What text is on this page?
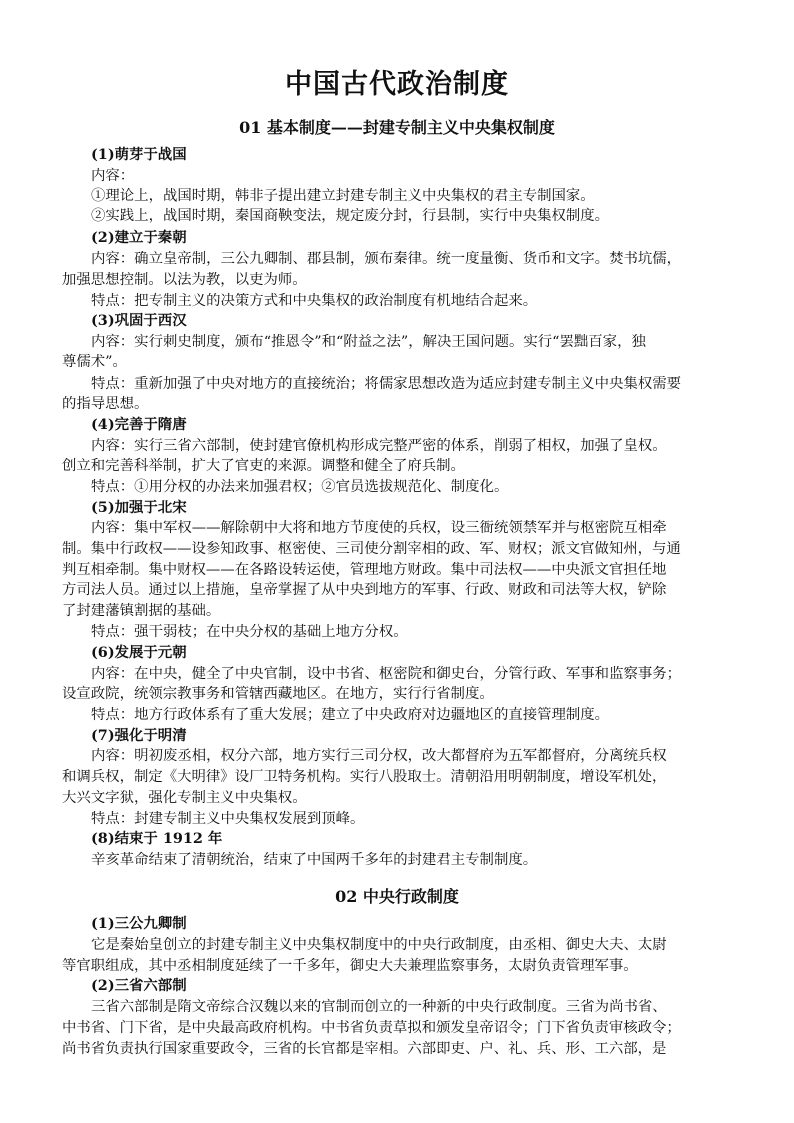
中国古代政治制度
01 基本制度——封建专制主义中央集权制度
(1)萌芽于战国
内容：
①理论上，战国时期，韩非子提出建立封建专制主义中央集权的君主专制国家。
②实践上，战国时期，秦国商鞅变法，规定废分封，行县制，实行中央集权制度。
(2)建立于秦朝
内容：确立皇帝制，三公九卿制、郡县制，颁布秦律。统一度量衡、货币和文字。焚书坑儒，
加强思想控制。以法为教，以吏为师。
特点：把专制主义的决策方式和中央集权的政治制度有机地结合起来。
(3)巩固于西汉
内容：实行刺史制度，颁布“推恩令”和“附益之法”，解决王国问题。实行“罢黜百家，独
尊儒术”。
特点：重新加强了中央对地方的直接统治；将儒家思想改造为适应封建专制主义中央集权需要
的指导思想。
(4)完善于隋唐
内容：实行三省六部制，使封建官僚机构形成完整严密的体系，削弱了相权，加强了皇权。
创立和完善科举制，扩大了官吏的来源。调整和健全了府兵制。
特点：①用分权的办法来加强君权；②官员选拔规范化、制度化。
(5)加强于北宋
内容：集中军权——解除朝中大将和地方节度使的兵权，设三衙统领禁军并与枢密院互相牵
制。集中行政权——设参知政事、枢密使、三司使分割宰相的政、军、财权；派文官做知州，与通
判互相牵制。集中财权——在各路设转运使，管理地方财政。集中司法权——中央派文官担任地
方司法人员。通过以上措施，皇帝掌握了从中央到地方的军事、行政、财政和司法等大权，铲除
了封建藩镇割据的基础。
特点：强干弱枝；在中央分权的基础上地方分权。
(6)发展于元朝
内容：在中央，健全了中央官制，设中书省、枢密院和御史台，分管行政、军事和监察事务；
设宣政院，统领宗教事务和管辖西藏地区。在地方，实行行省制度。
特点：地方行政体系有了重大发展；建立了中央政府对边疆地区的直接管理制度。
(7)强化于明清
内容：明初废丞相，权分六部，地方实行三司分权，改大都督府为五军都督府，分离统兵权
和调兵权，制定《大明律》设厂卫特务机构。实行八股取士。清朝沿用明朝制度，增设军机处，
大兴文字狱，强化专制主义中央集权。
特点：封建专制主义中央集权发展到顶峰。
(8)结束于 1912 年
辛亥革命结束了清朝统治，结束了中国两千多年的封建君主专制制度。
02 中央行政制度
(1)三公九卿制
它是秦始皇创立的封建专制主义中央集权制度中的中央行政制度，由丞相、御史大夫、太尉
等官职组成，其中丞相制度延续了一千多年，御史大夫兼理监察事务，太尉负责管理军事。
(2)三省六部制
三省六部制是隋文帝综合汉魏以来的官制而创立的一种新的中央行政制度。三省为尚书省、
中书省、门下省，是中央最高政府机构。中书省负责草拟和颁发皇帝诏令；门下省负责审核政令；
尚书省负责执行国家重要政令，三省的长官都是宰相。六部即吏、户、礼、兵、形、工六部，是
